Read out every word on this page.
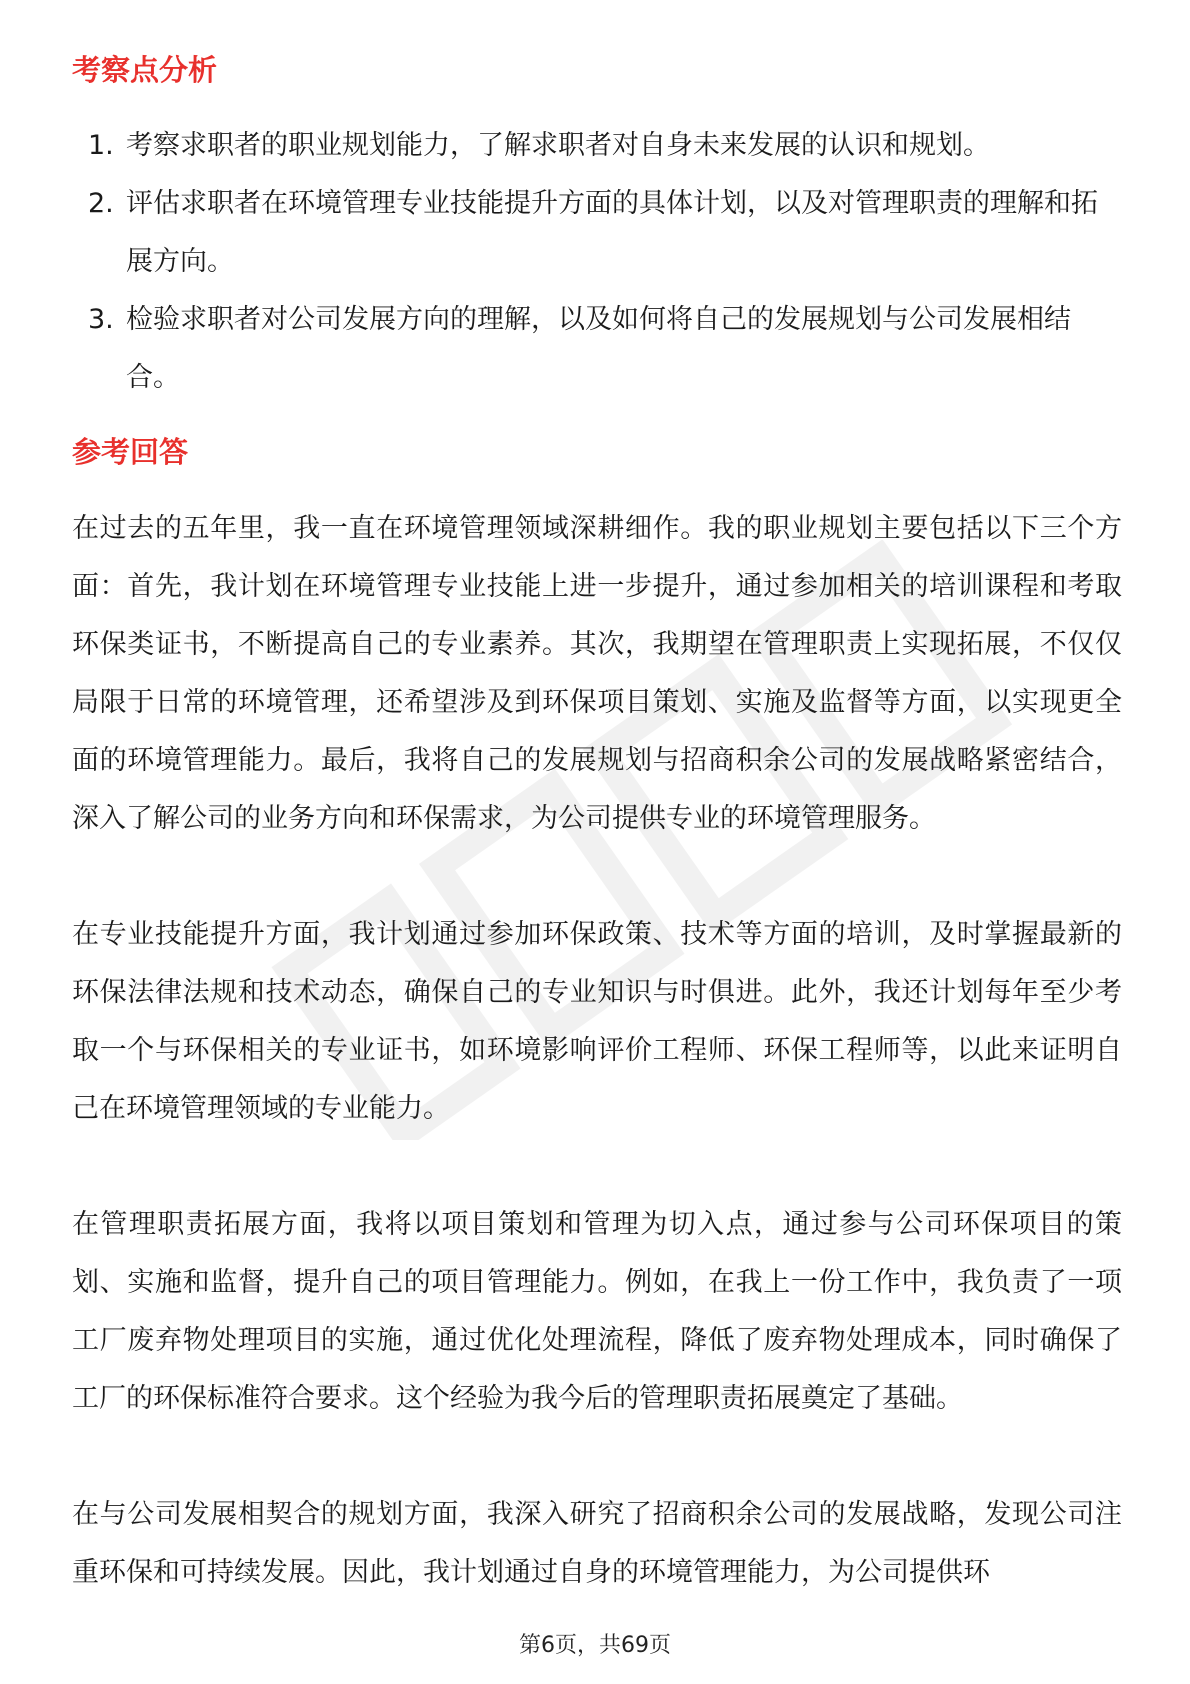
考察点分析
1. 考察求职者的职业规划能力，了解求职者对自身未来发展的认识和规划。
2. 评估求职者在环境管理专业技能提升方面的具体计划，以及对管理职责的理解和拓展方向。
3. 检验求职者对公司发展方向的理解，以及如何将自己的发展规划与公司发展相结合。
参考回答

在过去的五年里，我一直在环境管理领域深耕细作。我的职业规划主要包括以下三个方面：首先，我计划在环境管理专业技能上进一步提升，通过参加相关的培训课程和考取环保类证书，不断提高自己的专业素养。其次，我期望在管理职责上实现拓展，不仅仅局限于日常的环境管理，还希望涉及到环保项目策划、实施及监督等方面，以实现更全面的环境管理能力。最后，我将自己的发展规划与招商积余公司的发展战略紧密结合，深入了解公司的业务方向和环保需求，为公司提供专业的环境管理服务。

在专业技能提升方面，我计划通过参加环保政策、技术等方面的培训，及时掌握最新的环保法律法规和技术动态，确保自己的专业知识与时俱进。此外，我还计划每年至少考取一个与环保相关的专业证书，如环境影响评价工程师、环保工程师等，以此来证明自己在环境管理领域的专业能力。

在管理职责拓展方面，我将以项目策划和管理为切入点，通过参与公司环保项目的策划、实施和监督，提升自己的项目管理能力。例如，在我上一份工作中，我负责了一项工厂废弃物处理项目的实施，通过优化处理流程，降低了废弃物处理成本，同时确保了工厂的环保标准符合要求。这个经验为我今后的管理职责拓展奠定了基础。

在与公司发展相契合的规划方面，我深入研究了招商积余公司的发展战略，发现公司注重环保和可持续发展。因此，我计划通过自身的环境管理能力，为公司提供环

第6页，共69页
